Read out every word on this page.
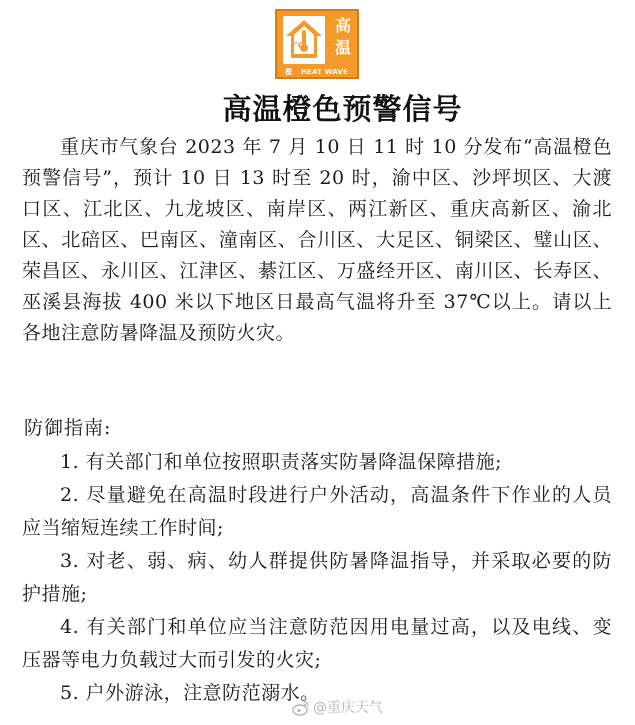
℃
高
温
橙 HEAT WAVE
高温橙色预警信号

重庆市气象台 2023 年 7 月 10 日 11 时 10 分发布“高温橙色预警信号”，预计 10 日 13 时至 20 时，渝中区、沙坪坝区、大渡口区、江北区、九龙坡区、南岸区、两江新区、重庆高新区、渝北区、北碚区、巴南区、潼南区、合川区、大足区、铜梁区、璧山区、荣昌区、永川区、江津区、綦江区、万盛经开区、南川区、长寿区、巫溪县海拔 400 米以下地区日最高气温将升至 37℃以上。请以上各地注意防暑降温及预防火灾。

防御指南:

1. 有关部门和单位按照职责落实防暑降温保障措施;
2. 尽量避免在高温时段进行户外活动，高温条件下作业的人员应当缩短连续工作时间;
3. 对老、弱、病、幼人群提供防暑降温指导，并采取必要的防护措施;
4. 有关部门和单位应当注意防范因用电量过高，以及电线、变压器等电力负载过大而引发的火灾;
5. 户外游泳，注意防范溺水。
@重庆天气
